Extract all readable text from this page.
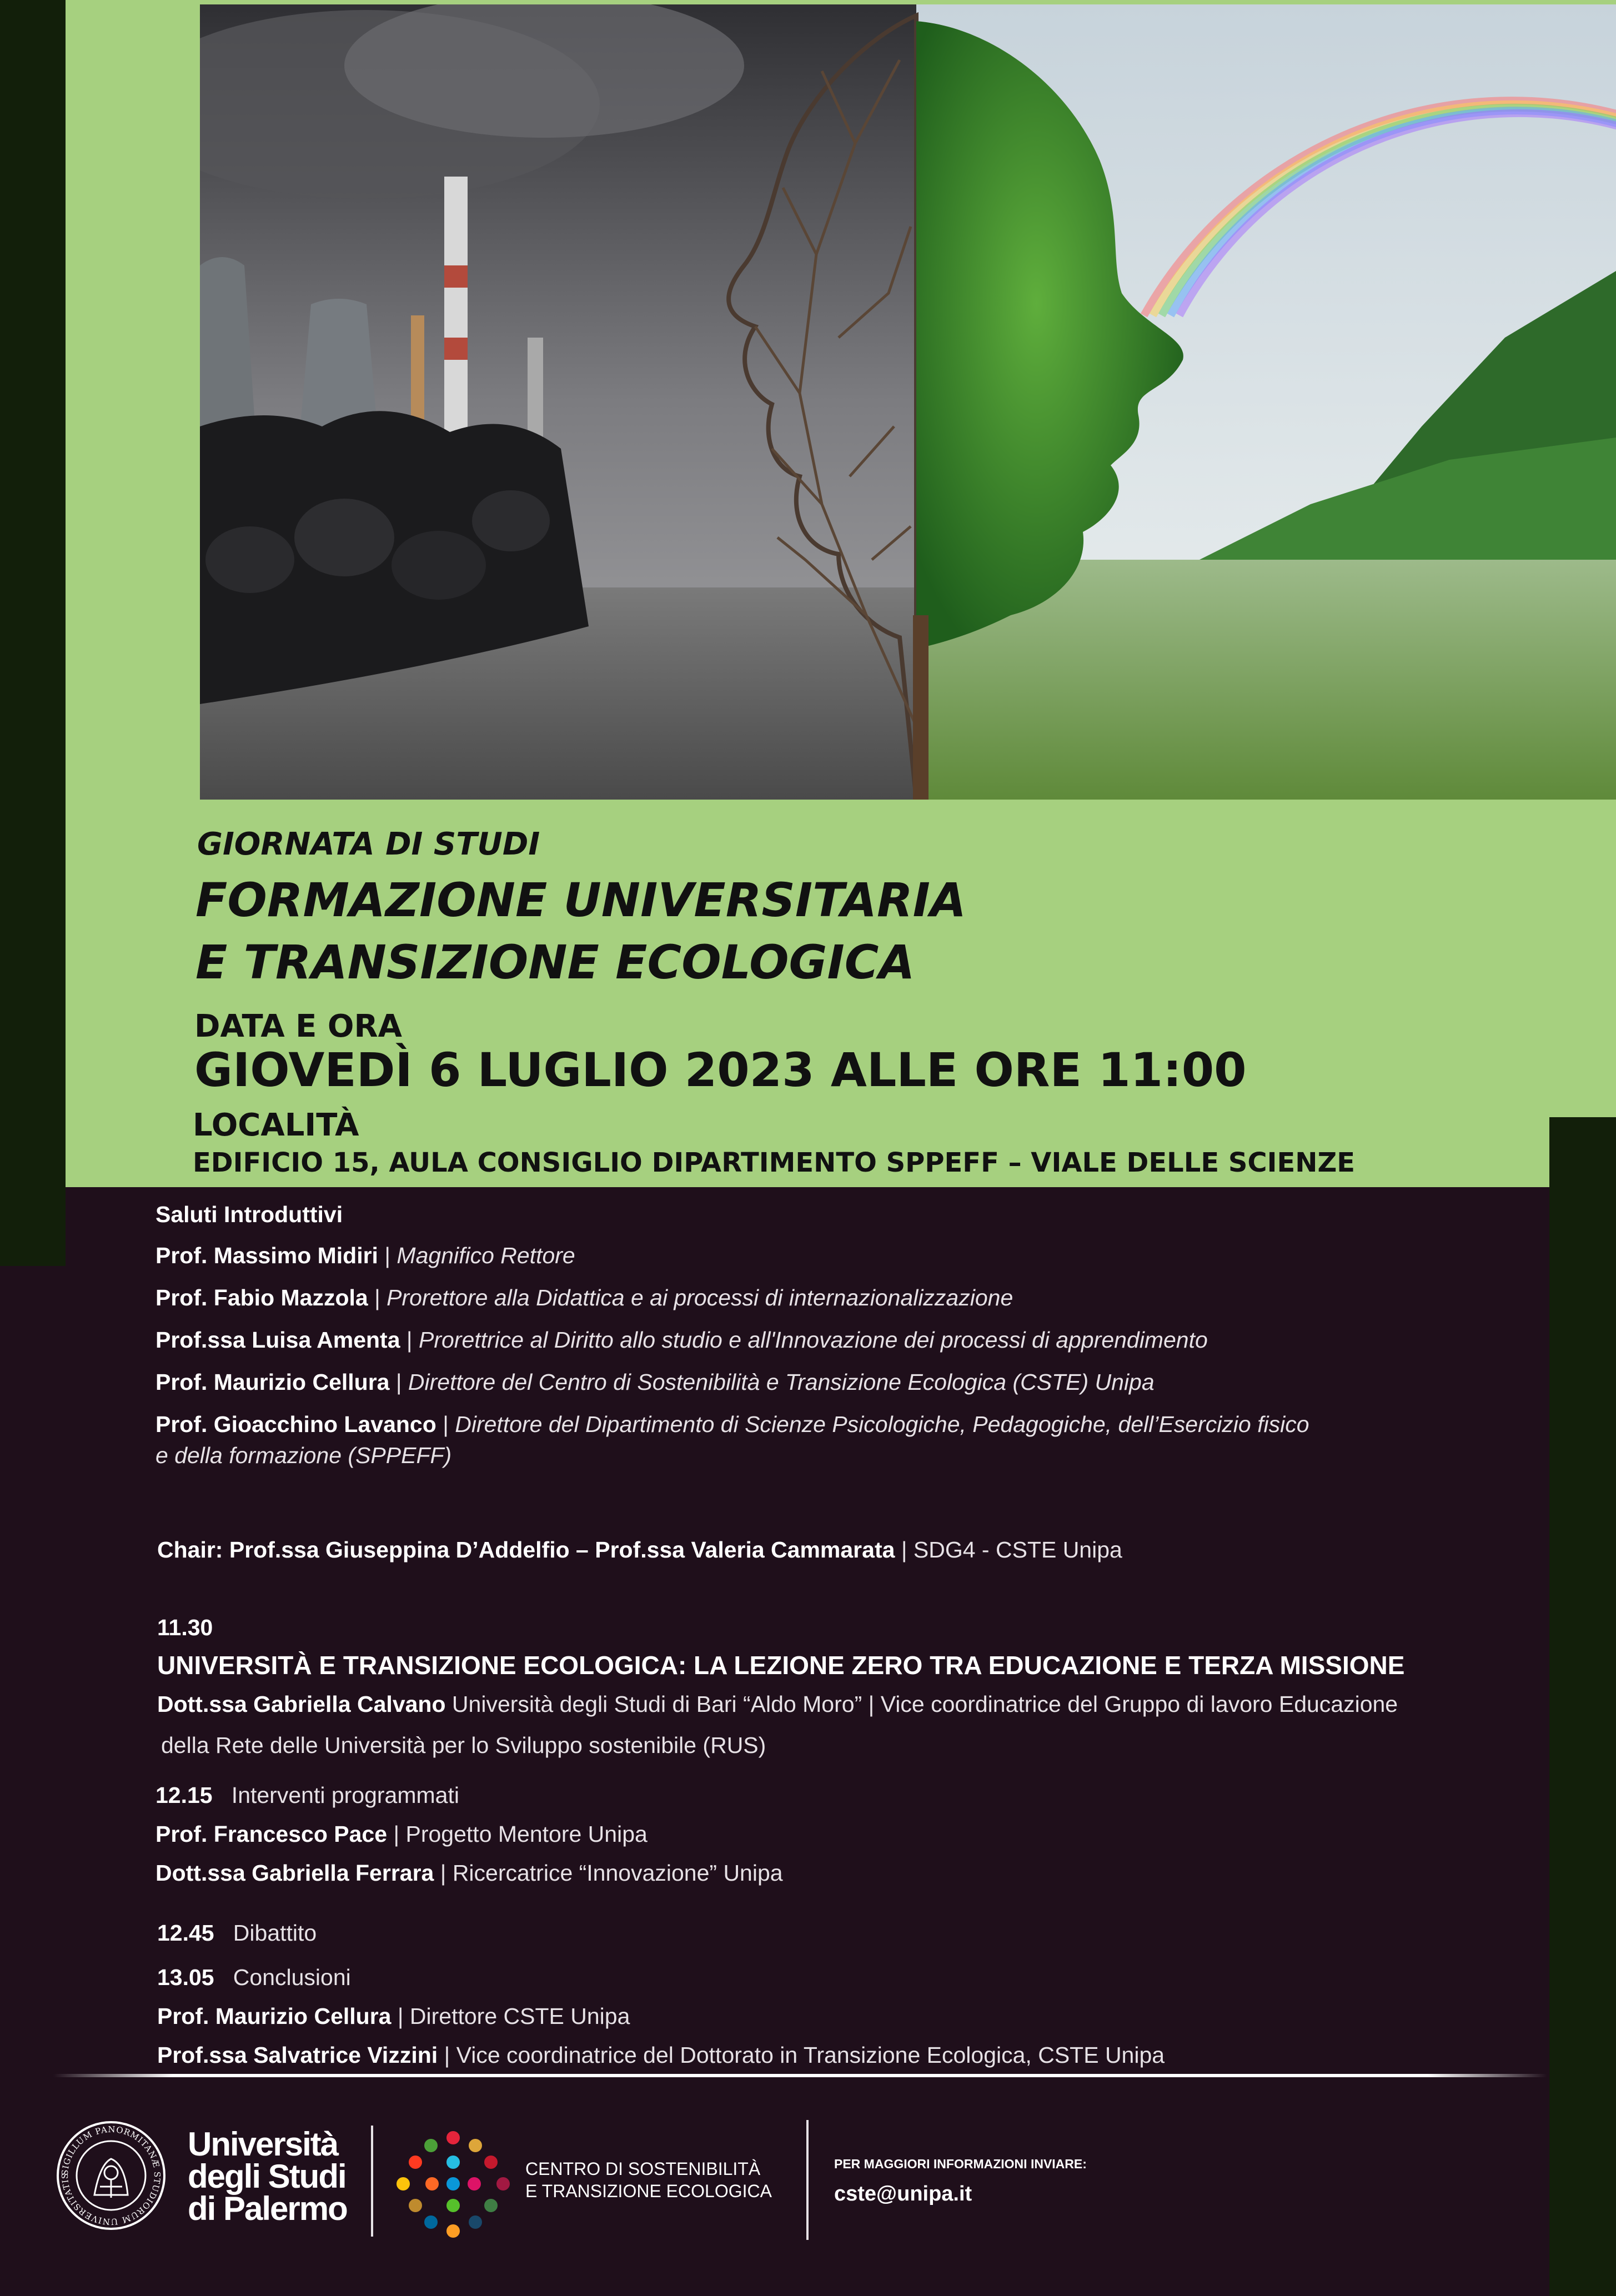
GIORNATA DI STUDI
FORMAZIONE UNIVERSITARIA
E TRANSIZIONE ECOLOGICA
DATA E ORA
GIOVEDÌ 6 LUGLIO 2023 ALLE ORE 11:00
LOCALITÀ
EDIFICIO 15, AULA CONSIGLIO DIPARTIMENTO SPPEFF – VIALE DELLE SCIENZE
Saluti Introduttivi
Prof. Massimo Midiri | Magnifico Rettore
Prof. Fabio Mazzola | Prorettore alla Didattica e ai processi di internazionalizzazione
Prof.ssa Luisa Amenta | Prorettrice al Diritto allo studio e all'Innovazione dei processi di apprendimento
Prof. Maurizio Cellura | Direttore del Centro di Sostenibilità e Transizione Ecologica (CSTE) Unipa
Prof. Gioacchino Lavanco | Direttore del Dipartimento di Scienze Psicologiche, Pedagogiche, dell’Esercizio fisico
e della formazione (SPPEFF)
Chair: Prof.ssa Giuseppina D’Addelfio – Prof.ssa Valeria Cammarata | SDG4 - CSTE Unipa
11.30
UNIVERSITÀ E TRANSIZIONE ECOLOGICA: LA LEZIONE ZERO TRA EDUCAZIONE E TERZA MISSIONE
Dott.ssa Gabriella Calvano Università degli Studi di Bari “Aldo Moro” | Vice coordinatrice del Gruppo di lavoro Educazione
della Rete delle Università per lo Sviluppo sostenibile (RUS)
12.15 Interventi programmati
Prof. Francesco Pace | Progetto Mentore Unipa
Dott.ssa Gabriella Ferrara | Ricercatrice “Innovazione” Unipa
12.45 Dibattito
13.05 Conclusioni
Prof. Maurizio Cellura | Direttore CSTE Unipa
Prof.ssa Salvatrice Vizzini | Vice coordinatrice del Dottorato in Transizione Ecologica, CSTE Unipa
SIGILLUM PANORMITANÆ STUDIORUM UNIVERSITATIS
Università
degli Studi
di Palermo
CENTRO DI SOSTENIBILITÀ
E TRANSIZIONE ECOLOGICA
PER MAGGIORI INFORMAZIONI INVIARE:
cste@unipa.it
